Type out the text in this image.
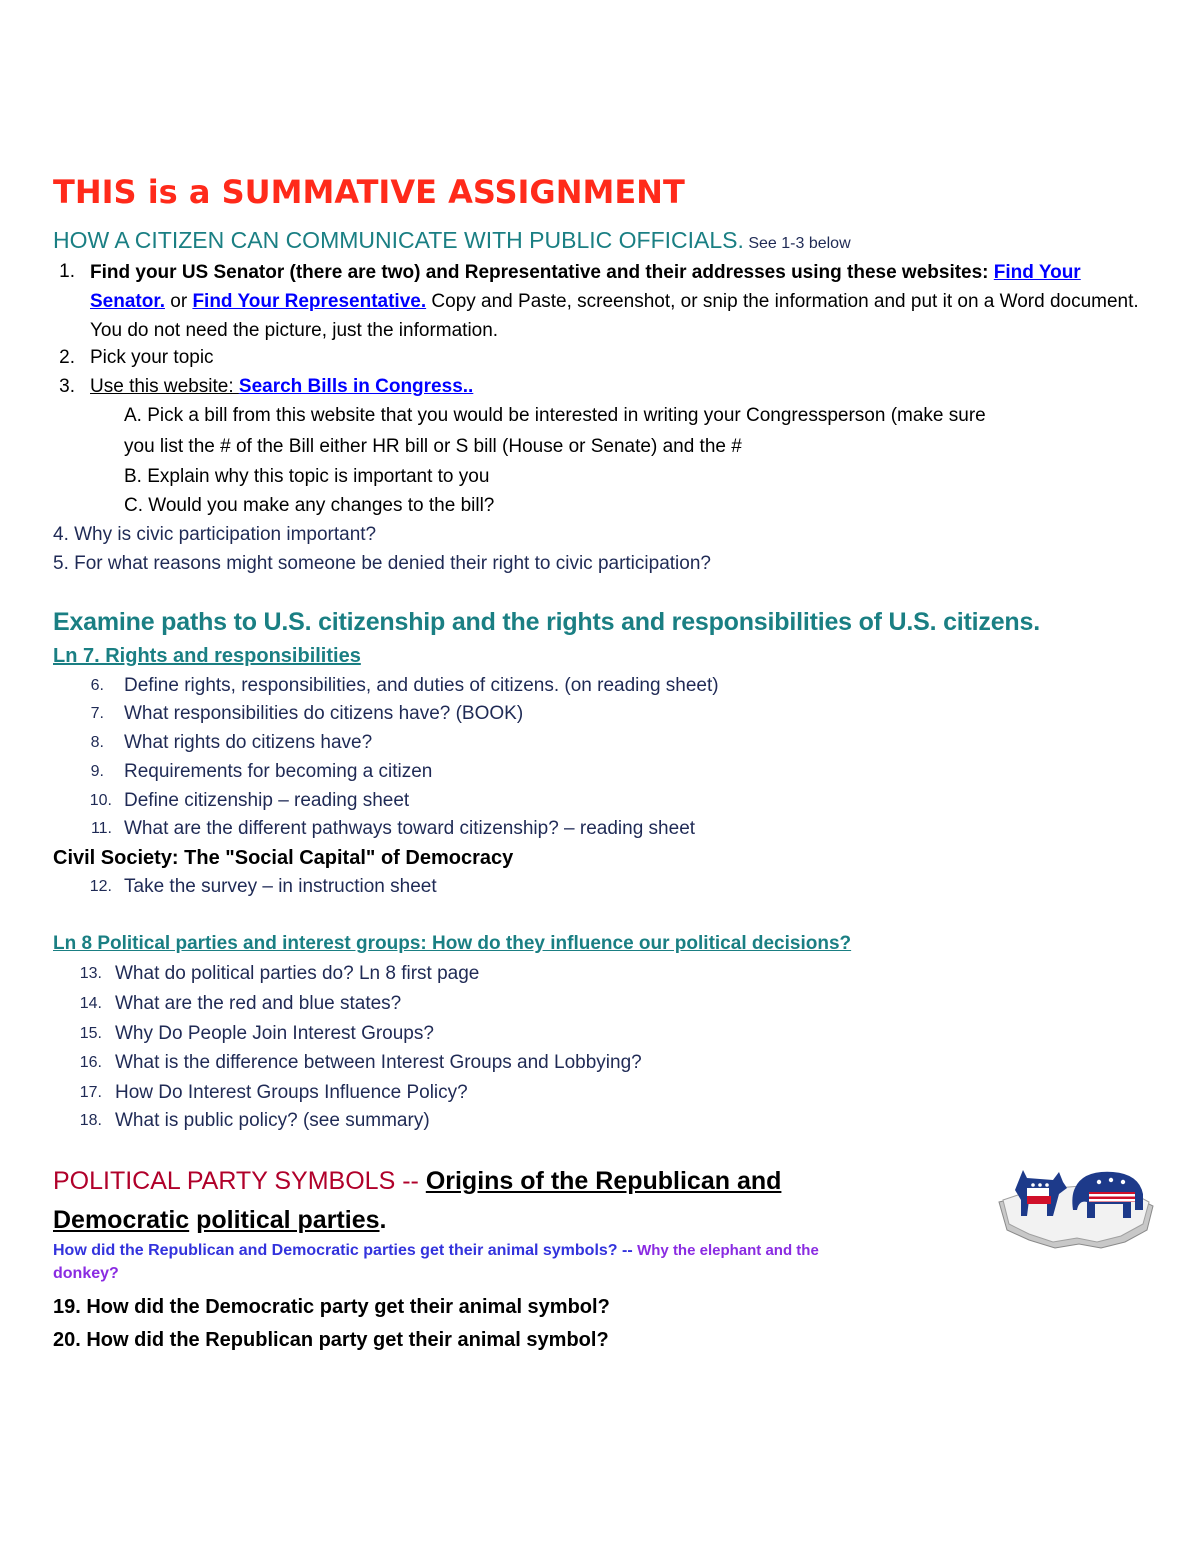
THIS is a SUMMATIVE ASSIGNMENT
HOW A CITIZEN CAN COMMUNICATE WITH PUBLIC OFFICIALS. See 1-3 below
1. Find your US Senator (there are two) and Representative and their addresses using these websites: Find Your Senator. or Find Your Representative. Copy and Paste, screenshot, or snip the information and put it on a Word document. You do not need the picture, just the information.
2. Pick your topic
3. Use this website: Search Bills in Congress..
A. Pick a bill from this website that you would be interested in writing your Congressperson (make sure
you list the # of the Bill either HR bill or S bill (House or Senate) and the #
B. Explain why this topic is important to you
C. Would you make any changes to the bill?
4. Why is civic participation important?
5. For what reasons might someone be denied their right to civic participation?
Examine paths to U.S. citizenship and the rights and responsibilities of U.S. citizens.
Ln 7. Rights and responsibilities
6. Define rights, responsibilities, and duties of citizens. (on reading sheet)
7. What responsibilities do citizens have? (BOOK)
8. What rights do citizens have?
9. Requirements for becoming a citizen
10. Define citizenship – reading sheet
11. What are the different pathways toward citizenship? – reading sheet
Civil Society: The "Social Capital" of Democracy
12. Take the survey – in instruction sheet
Ln 8 Political parties and interest groups: How do they influence our political decisions?
13. What do political parties do? Ln 8 first page
14. What are the red and blue states?
15. Why Do People Join Interest Groups?
16. What is the difference between Interest Groups and Lobbying?
17. How Do Interest Groups Influence Policy?
18. What is public policy? (see summary)
POLITICAL PARTY SYMBOLS -- Origins of the Republican and
Democratic political parties.
How did the Republican and Democratic parties get their animal symbols? -- Why the elephant and the
donkey?
19. How did the Democratic party get their animal symbol?
20. How did the Republican party get their animal symbol?
